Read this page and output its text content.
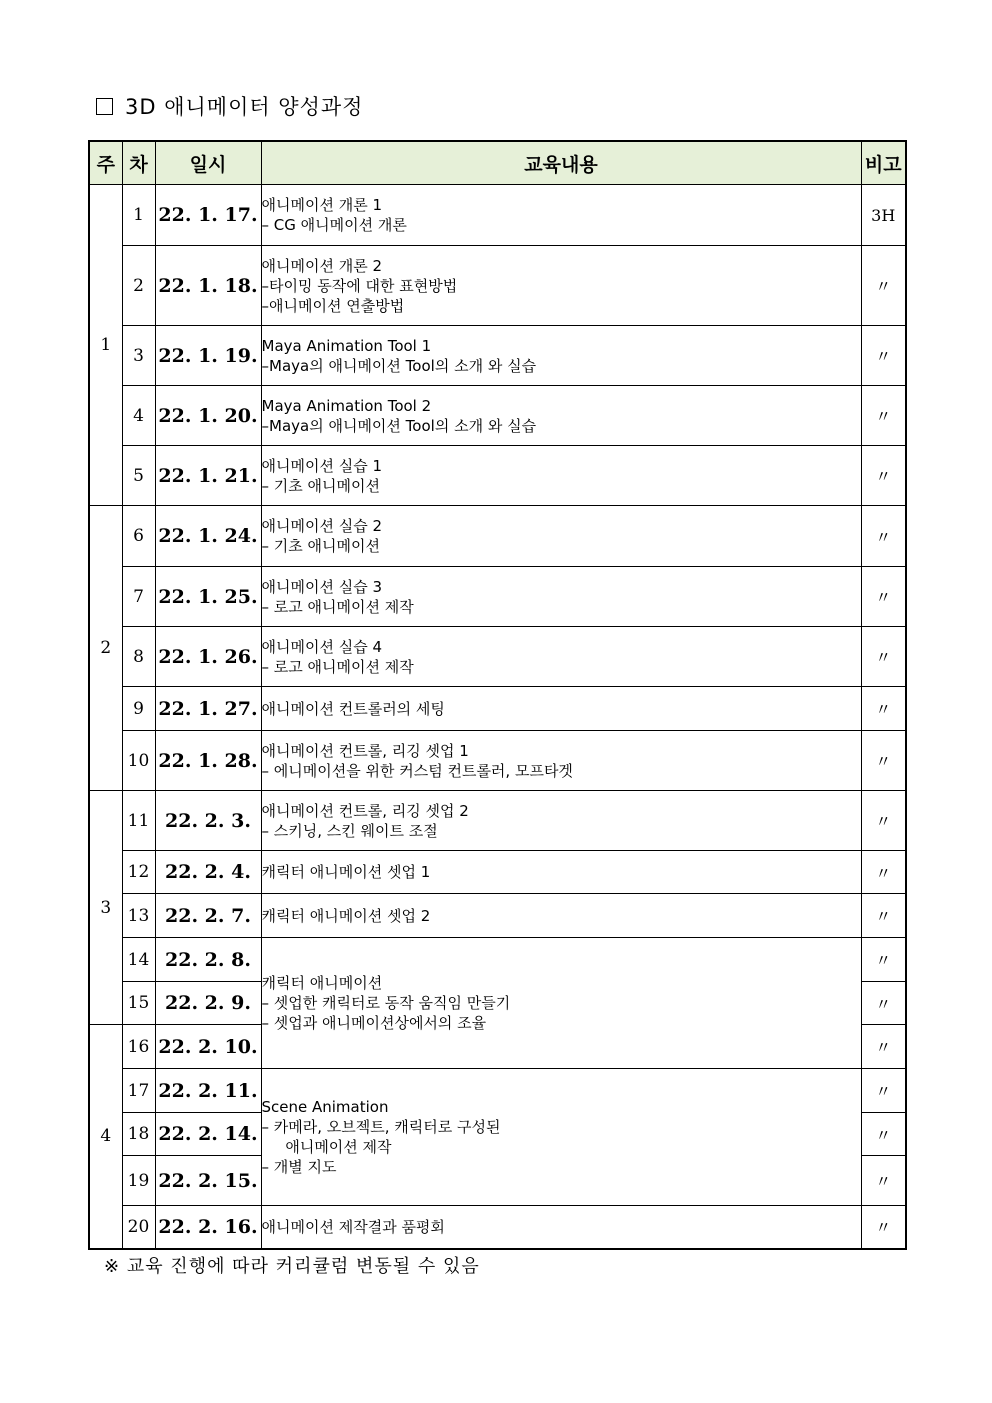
3D 애니메이터 양성과정
주	차	일시	교육내용	비고
1	1	22. 1. 17.	애니메이션 개론 1
– CG 애니메이션 개론	3H
	2	22. 1. 18.	애니메이션 개론 2
–타이밍 동작에 대한 표현방법
–애니메이션 연출방법	〃
	3	22. 1. 19.	Maya Animation Tool 1
–Maya의 애니메이션 Tool의 소개 와 실습	〃
	4	22. 1. 20.	Maya Animation Tool 2
–Maya의 애니메이션 Tool의 소개 와 실습	〃
	5	22. 1. 21.	애니메이션 실습 1
– 기초 애니메이션	〃
2	6	22. 1. 24.	애니메이션 실습 2
– 기초 애니메이션	〃
	7	22. 1. 25.	애니메이션 실습 3
– 로고 애니메이션 제작	〃
	8	22. 1. 26.	애니메이션 실습 4
– 로고 애니메이션 제작	〃
	9	22. 1. 27.	애니메이션 컨트롤러의 세팅	〃
	10	22. 1. 28.	애니메이션 컨트롤, 리깅 셋업 1
– 에니메이션을 위한 커스텀 컨트롤러, 모프타겟	〃
3	11	22. 2. 3.	애니메이션 컨트롤, 리깅 셋업 2
– 스키닝, 스킨 웨이트 조절	〃
	12	22. 2. 4.	캐릭터 애니메이션 셋업 1	〃
	13	22. 2. 7.	캐릭터 애니메이션 셋업 2	〃
	14	22. 2. 8.	캐릭터 애니메이션
– 셋업한 캐릭터로 동작 움직임 만들기
– 셋업과 애니메이션상에서의 조율	〃
	15	22. 2. 9.		〃
4	16	22. 2. 10.		〃
	17	22. 2. 11.	Scene Animation
– 카메라, 오브젝트, 캐릭터로 구성된
애니메이션 제작
– 개별 지도	〃
	18	22. 2. 14.		〃
	19	22. 2. 15.		〃
	20	22. 2. 16.	애니메이션 제작결과 품평회	〃
※ 교육 진행에 따라 커리큘럼 변동될 수 있음
